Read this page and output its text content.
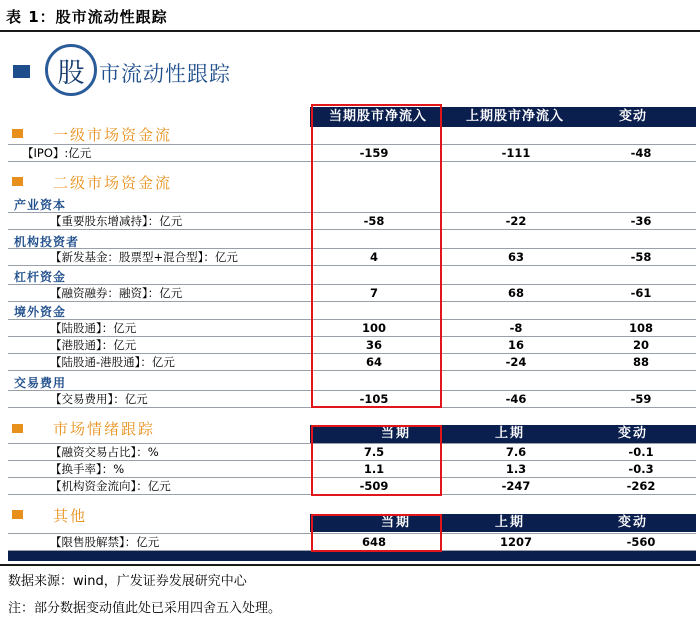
表 1：股市流动性跟踪
股 市流动性跟踪
当期股市净流入	上期股市净流入	变动
一级市场资金流
【IPO】:亿元	-159	-111	-48
二级市场资金流
产业资本
【重要股东增减持】：亿元	-58	-22	-36
机构投资者
【新发基金：股票型+混合型】：亿元	4	63	-58
杠杆资金
【融资融券：融资】：亿元	7	68	-61
境外资金
【陆股通】：亿元	100	-8	108
【港股通】：亿元	36	16	20
【陆股通-港股通】：亿元	64	-24	88
交易费用
【交易费用】：亿元	-105	-46	-59
市场情绪跟踪	当期	上期	变动
【融资交易占比】：%	7.5	7.6	-0.1
【换手率】：%	1.1	1.3	-0.3
【机构资金流向】：亿元	-509	-247	-262
其他	当期	上期	变动
【限售股解禁】：亿元	648	1207	-560
数据来源：wind，广发证券发展研究中心
注：部分数据变动值此处已采用四舍五入处理。
